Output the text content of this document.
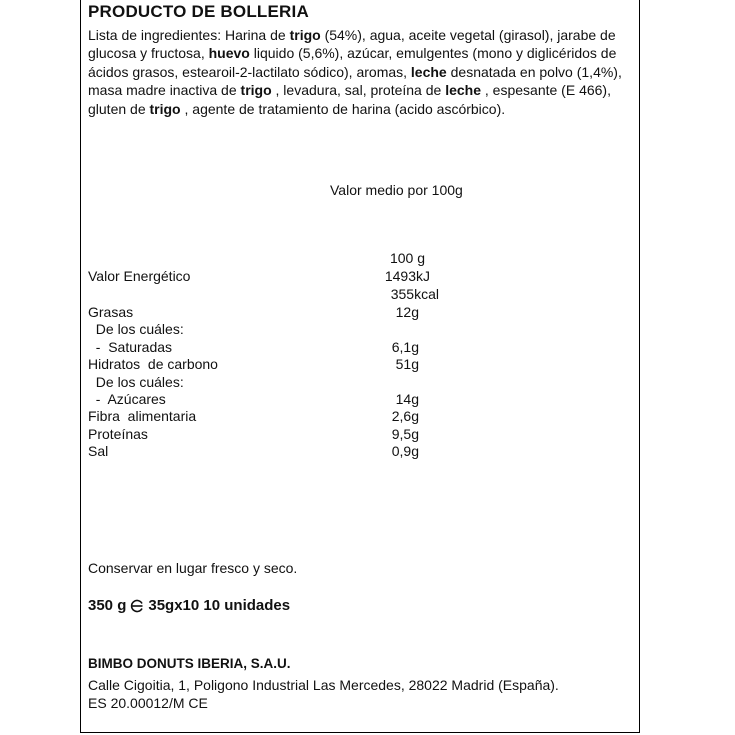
PRODUCTO DE BOLLERIA
Lista de ingredientes: Harina de trigo (54%), agua, aceite vegetal (girasol), jarabe de glucosa y fructosa, huevo liquido (5,6%), azúcar, emulgentes (mono y diglicéridos de ácidos grasos, estearoil-2-lactilato sódico), aromas, leche desnatada en polvo (1,4%), masa madre inactiva de trigo , levadura, sal, proteína de leche , espesante (E 466), gluten de trigo , agente de tratamiento de harina (acido ascórbico).
Valor medio por 100g
100 g
Valor Energético	1493kJ
355kcal
Grasas	12g
De los cuáles:
-  Saturadas	6,1g
Hidratos  de carbono	51g
De los cuáles:
-  Azúcares	14g
Fibra  alimentaria	2,6g
Proteínas	9,5g
Sal	0,9g
Conservar en lugar fresco y seco.
350 g 35gx10 10 unidades
BIMBO DONUTS IBERIA, S.A.U.
Calle Cigoitia, 1, Poligono Industrial Las Mercedes, 28022 Madrid (España).
ES 20.00012/M CE
